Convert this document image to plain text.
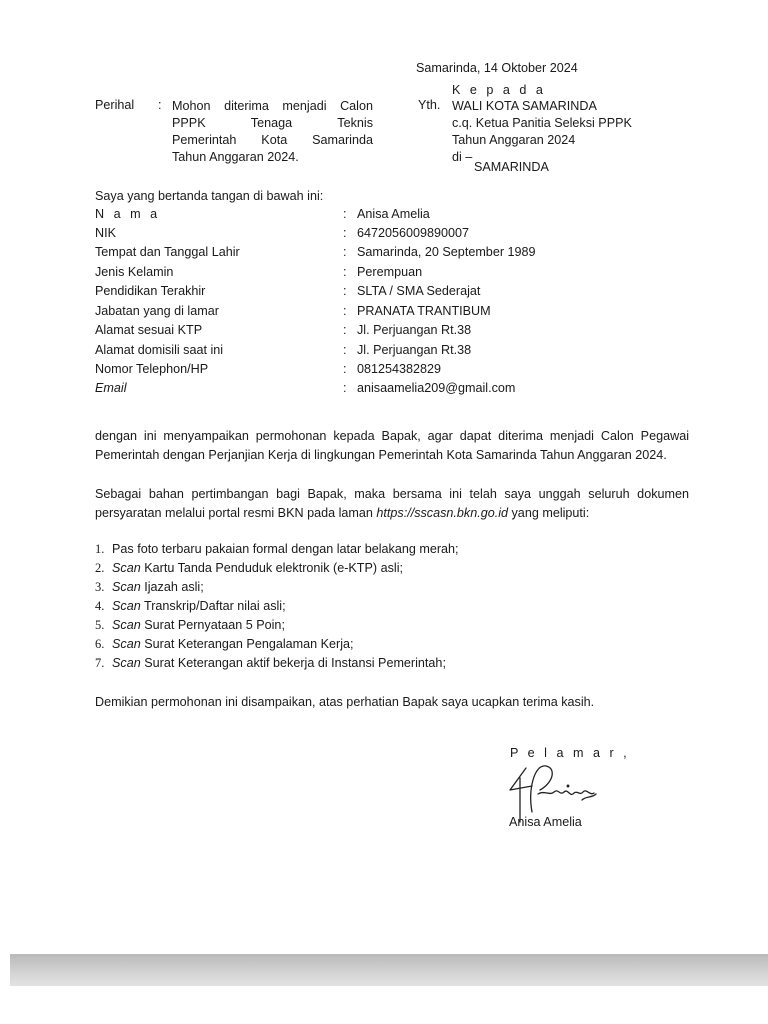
Samarinda, 14 Oktober 2024
K e p a d a
Yth. WALI KOTA SAMARINDA
c.q. Ketua Panitia Seleksi PPPK
Tahun Anggaran 2024
di –
SAMARINDA
Perihal : Mohon diterima menjadi Calon
PPPK Tenaga Teknis
Pemerintah Kota Samarinda
Tahun Anggaran 2024.
Saya yang bertanda tangan di bawah ini:
N a m a	: Anisa Amelia
NIK	: 6472056009890007
Tempat dan Tanggal Lahir	: Samarinda, 20 September 1989
Jenis Kelamin	: Perempuan
Pendidikan Terakhir	: SLTA / SMA Sederajat
Jabatan yang di lamar	: PRANATA TRANTIBUM
Alamat sesuai KTP	: Jl. Perjuangan Rt.38
Alamat domisili saat ini	: Jl. Perjuangan Rt.38
Nomor Telephon/HP	: 081254382829
Email	: anisaamelia209@gmail.com
dengan ini menyampaikan permohonan kepada Bapak, agar dapat diterima menjadi Calon Pegawai Pemerintah dengan Perjanjian Kerja di lingkungan Pemerintah Kota Samarinda Tahun Anggaran 2024.
Sebagai bahan pertimbangan bagi Bapak, maka bersama ini telah saya unggah seluruh dokumen persyaratan melalui portal resmi BKN pada laman https://sscasn.bkn.go.id yang meliputi:
1. Pas foto terbaru pakaian formal dengan latar belakang merah;
2. Scan Kartu Tanda Penduduk elektronik (e-KTP) asli;
3. Scan Ijazah asli;
4. Scan Transkrip/Daftar nilai asli;
5. Scan Surat Pernyataan 5 Poin;
6. Scan Surat Keterangan Pengalaman Kerja;
7. Scan Surat Keterangan aktif bekerja di Instansi Pemerintah;
Demikian permohonan ini disampaikan, atas perhatian Bapak saya ucapkan terima kasih.
P e l a m a r ,
Anisa Amelia
